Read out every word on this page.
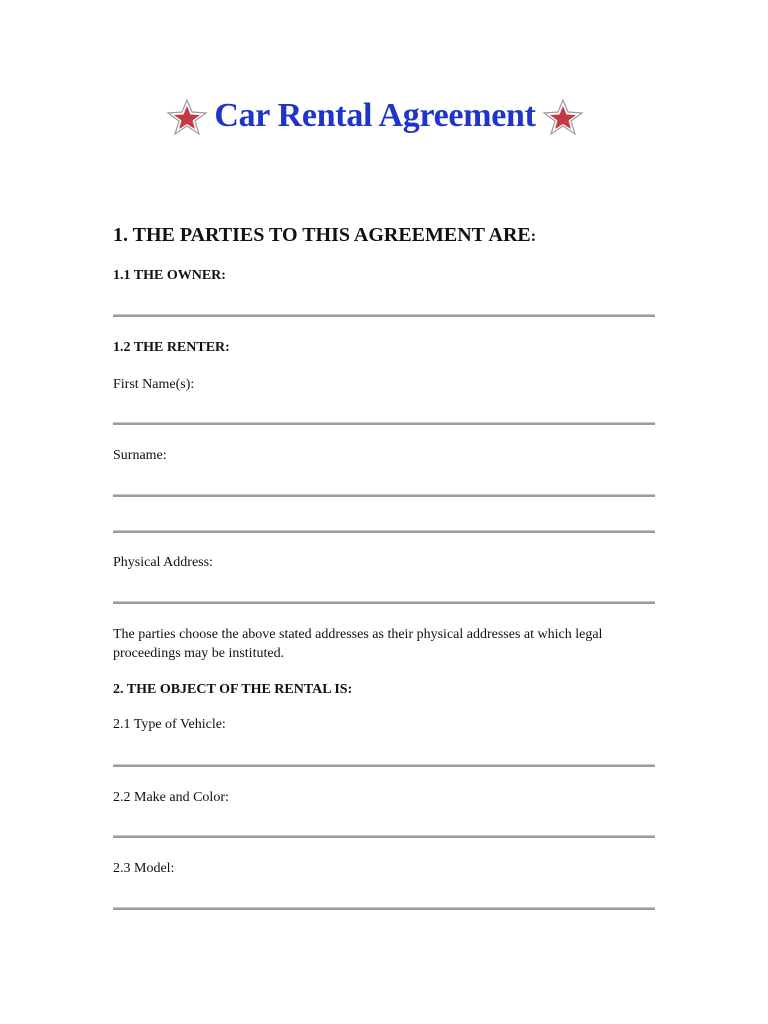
Car Rental Agreement
1. THE PARTIES TO THIS AGREEMENT ARE:
1.1 THE OWNER:
1.2 THE RENTER:
First Name(s):
Surname:
Physical Address:
The parties choose the above stated addresses as their physical addresses at which legal proceedings may be instituted.
2. THE OBJECT OF THE RENTAL IS:
2.1 Type of Vehicle:
2.2 Make and Color:
2.3 Model:
